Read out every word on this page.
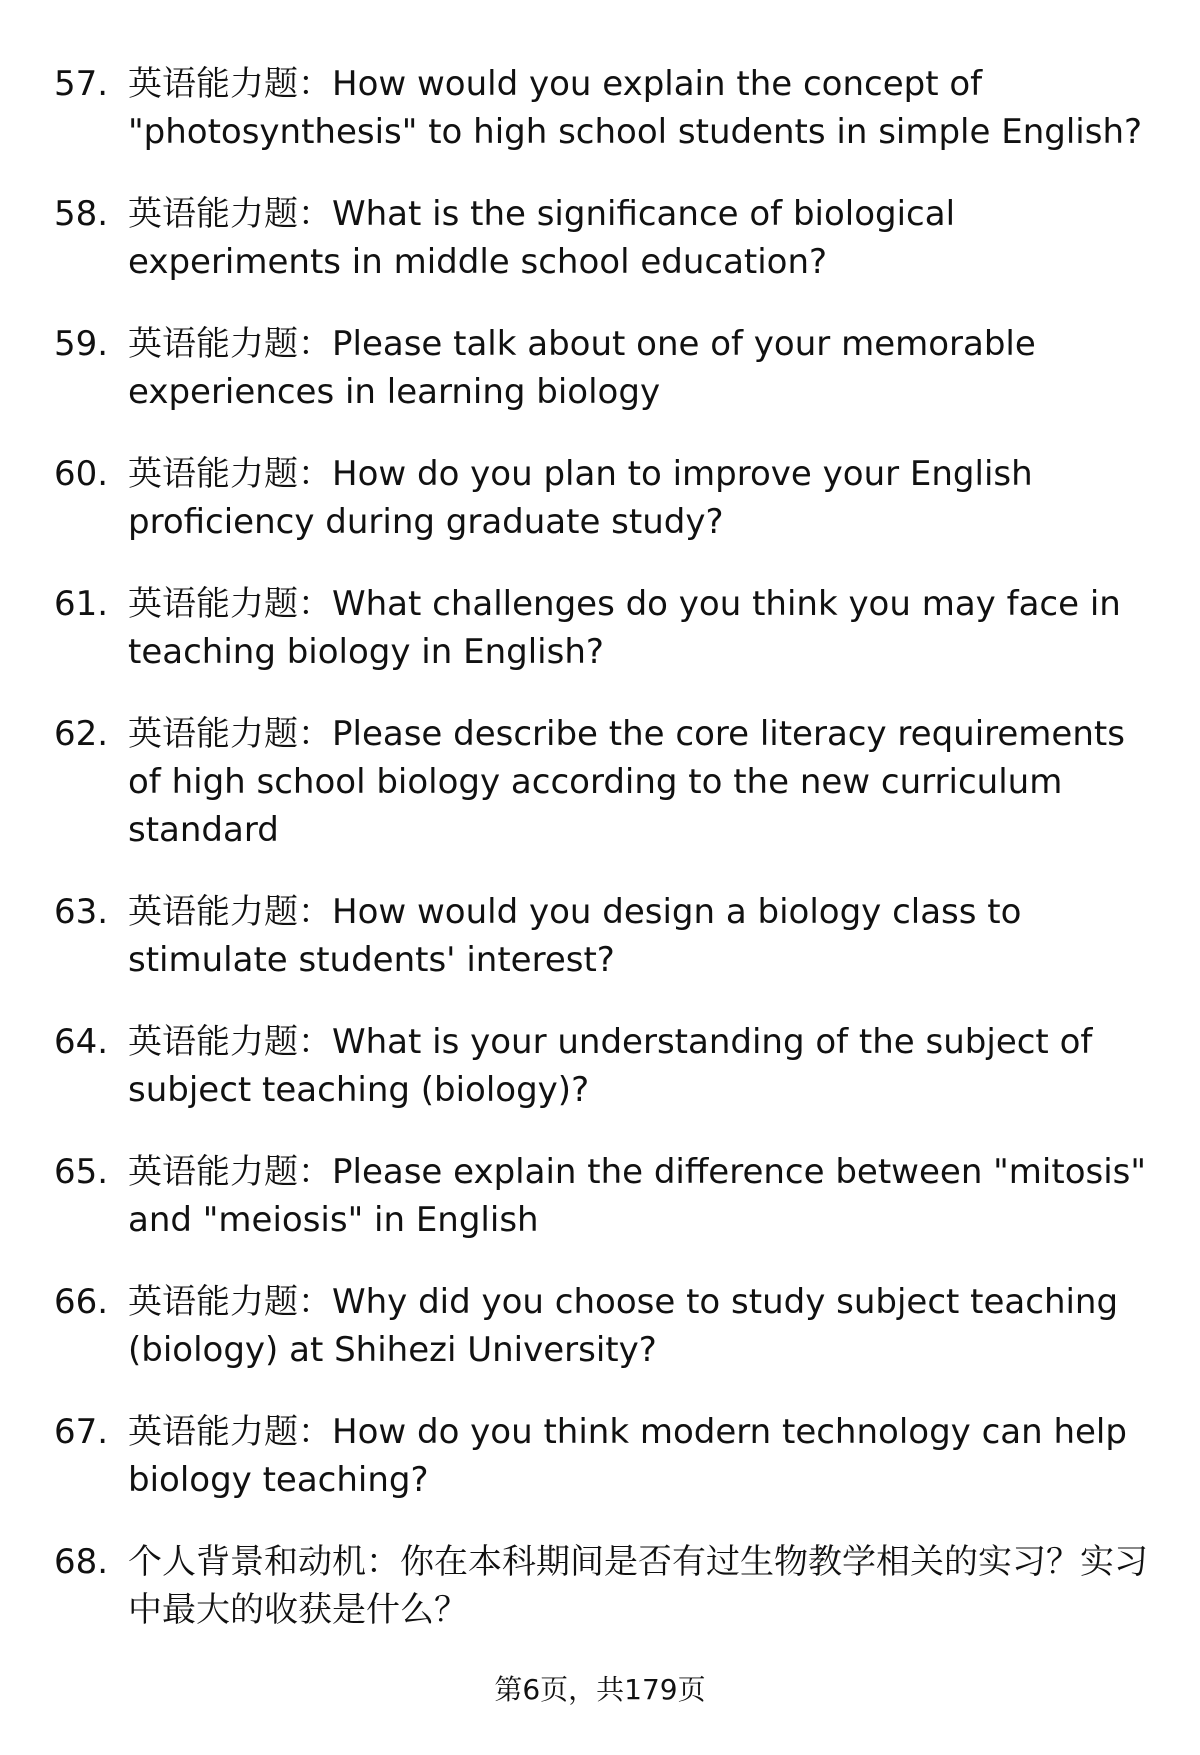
57. 英语能力题：How would you explain the concept of "photosynthesis" to high school students in simple English?
58. 英语能力题：What is the significance of biological experiments in middle school education?
59. 英语能力题：Please talk about one of your memorable experiences in learning biology
60. 英语能力题：How do you plan to improve your English proficiency during graduate study?
61. 英语能力题：What challenges do you think you may face in teaching biology in English?
62. 英语能力题：Please describe the core literacy requirements of high school biology according to the new curriculum standard
63. 英语能力题：How would you design a biology class to stimulate students' interest?
64. 英语能力题：What is your understanding of the subject of subject teaching (biology)?
65. 英语能力题：Please explain the difference between "mitosis" and "meiosis" in English
66. 英语能力题：Why did you choose to study subject teaching (biology) at Shihezi University?
67. 英语能力题：How do you think modern technology can help biology teaching?
68. 个人背景和动机：你在本科期间是否有过生物教学相关的实习？实习中最大的收获是什么？
第6页，共179页
